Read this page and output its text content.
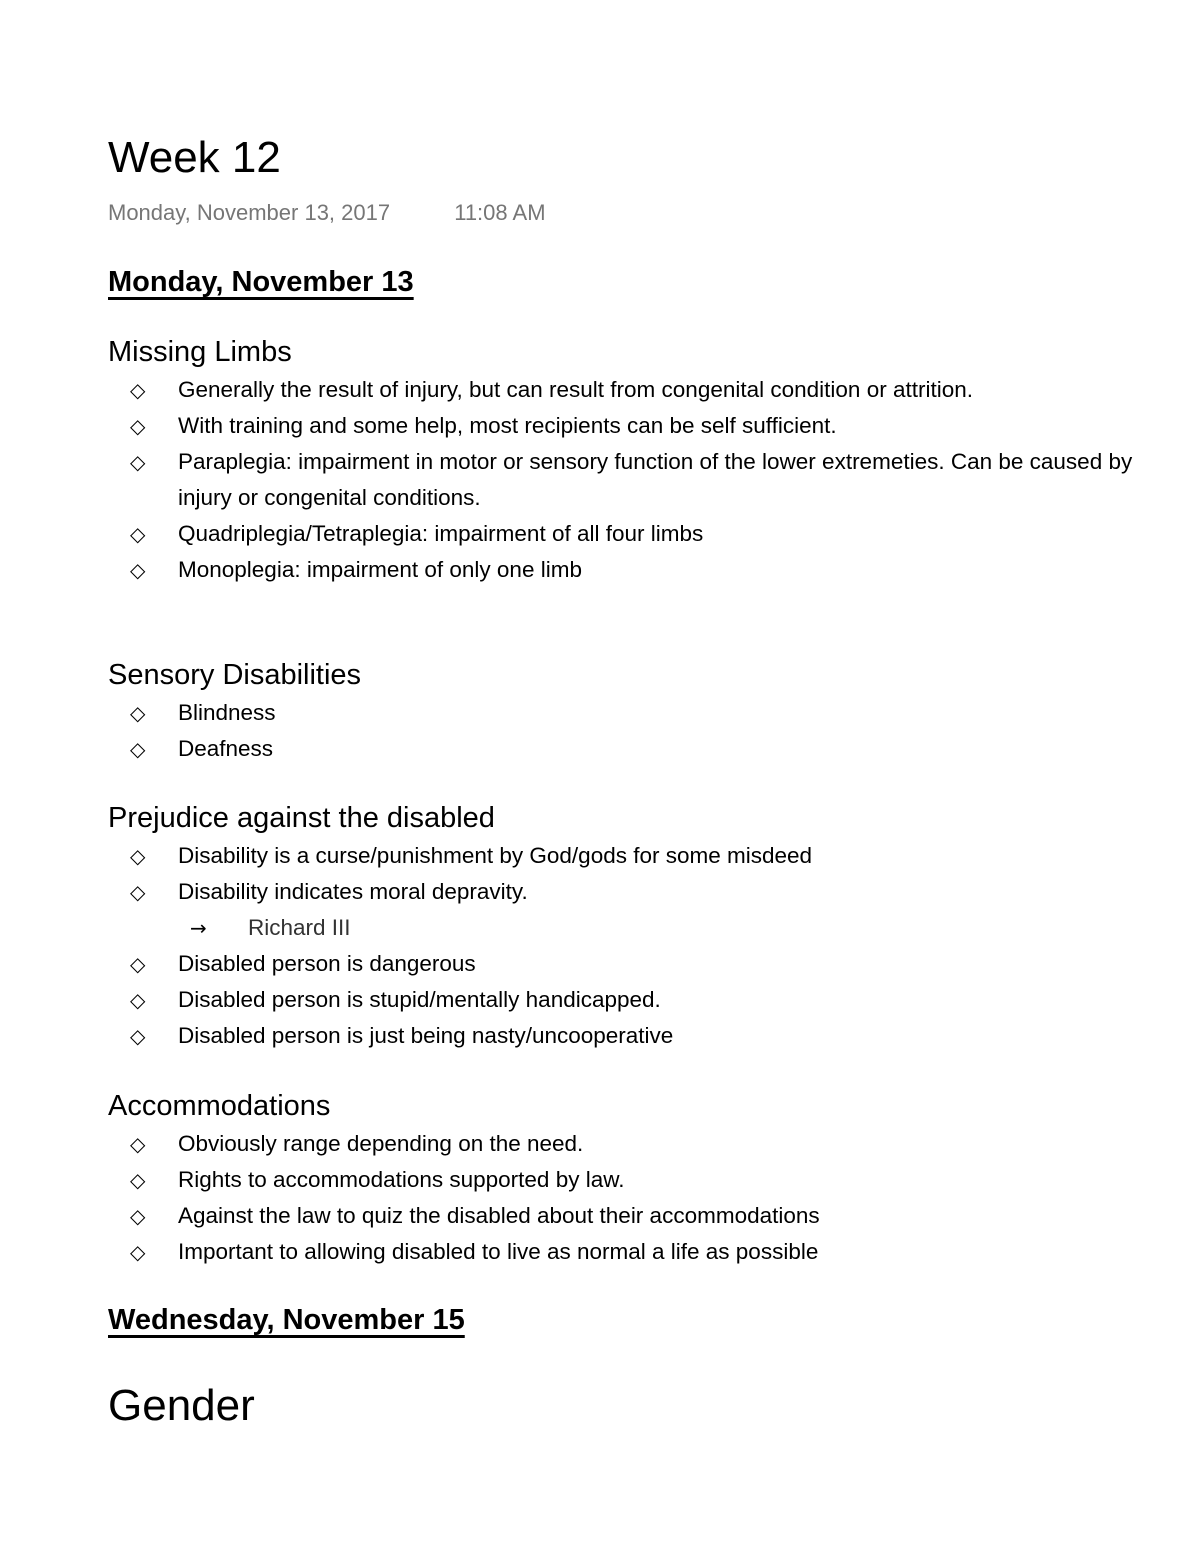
Week 12
Monday, November 13, 2017	11:08 AM
Monday, November 13
Missing Limbs
◇ Generally the result of injury, but can result from congenital condition or attrition.
◇ With training and some help, most recipients can be self sufficient.
◇ Paraplegia: impairment in motor or sensory function of the lower extremeties. Can be caused by injury or congenital conditions.
◇ Quadriplegia/Tetraplegia: impairment of all four limbs
◇ Monoplegia: impairment of only one limb
Sensory Disabilities
◇ Blindness
◇ Deafness
Prejudice against the disabled
◇ Disability is a curse/punishment by God/gods for some misdeed
◇ Disability indicates moral depravity.
→ Richard III
◇ Disabled person is dangerous
◇ Disabled person is stupid/mentally handicapped.
◇ Disabled person is just being nasty/uncooperative
Accommodations
◇ Obviously range depending on the need.
◇ Rights to accommodations supported by law.
◇ Against the law to quiz the disabled about their accommodations
◇ Important to allowing disabled to live as normal a life as possible
Wednesday, November 15
Gender
